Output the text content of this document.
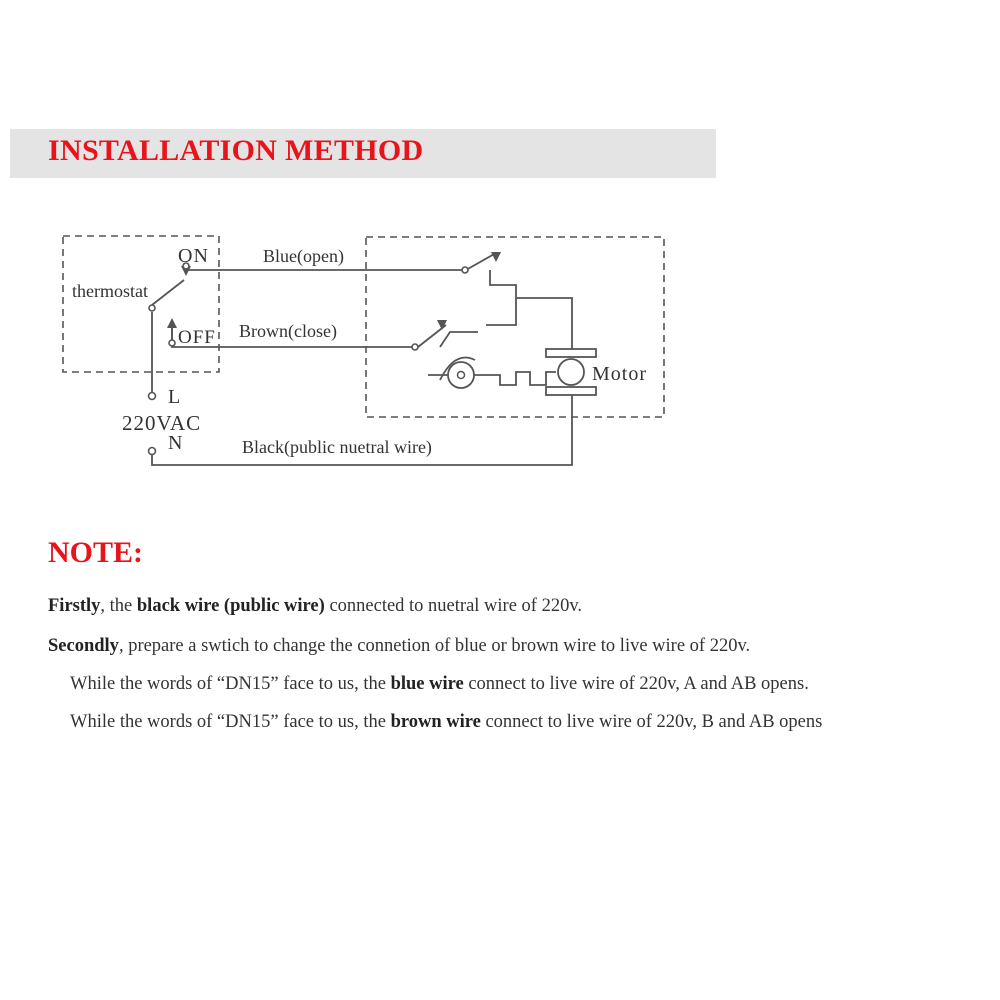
INSTALLATION METHOD
ON
thermostat
OFF
Blue(open)
Brown(close)
Motor
L
220VAC
N	Black(public nuetral wire)
NOTE:
Firstly, the black wire (public wire) connected to nuetral wire of 220v.
Secondly, prepare a swtich to change the connetion of blue or brown wire to live wire of 220v.
While the words of “DN15” face to us, the blue wire connect to live wire of 220v, A and AB opens.
While the words of “DN15” face to us, the brown wire connect to live wire of 220v, B and AB opens
